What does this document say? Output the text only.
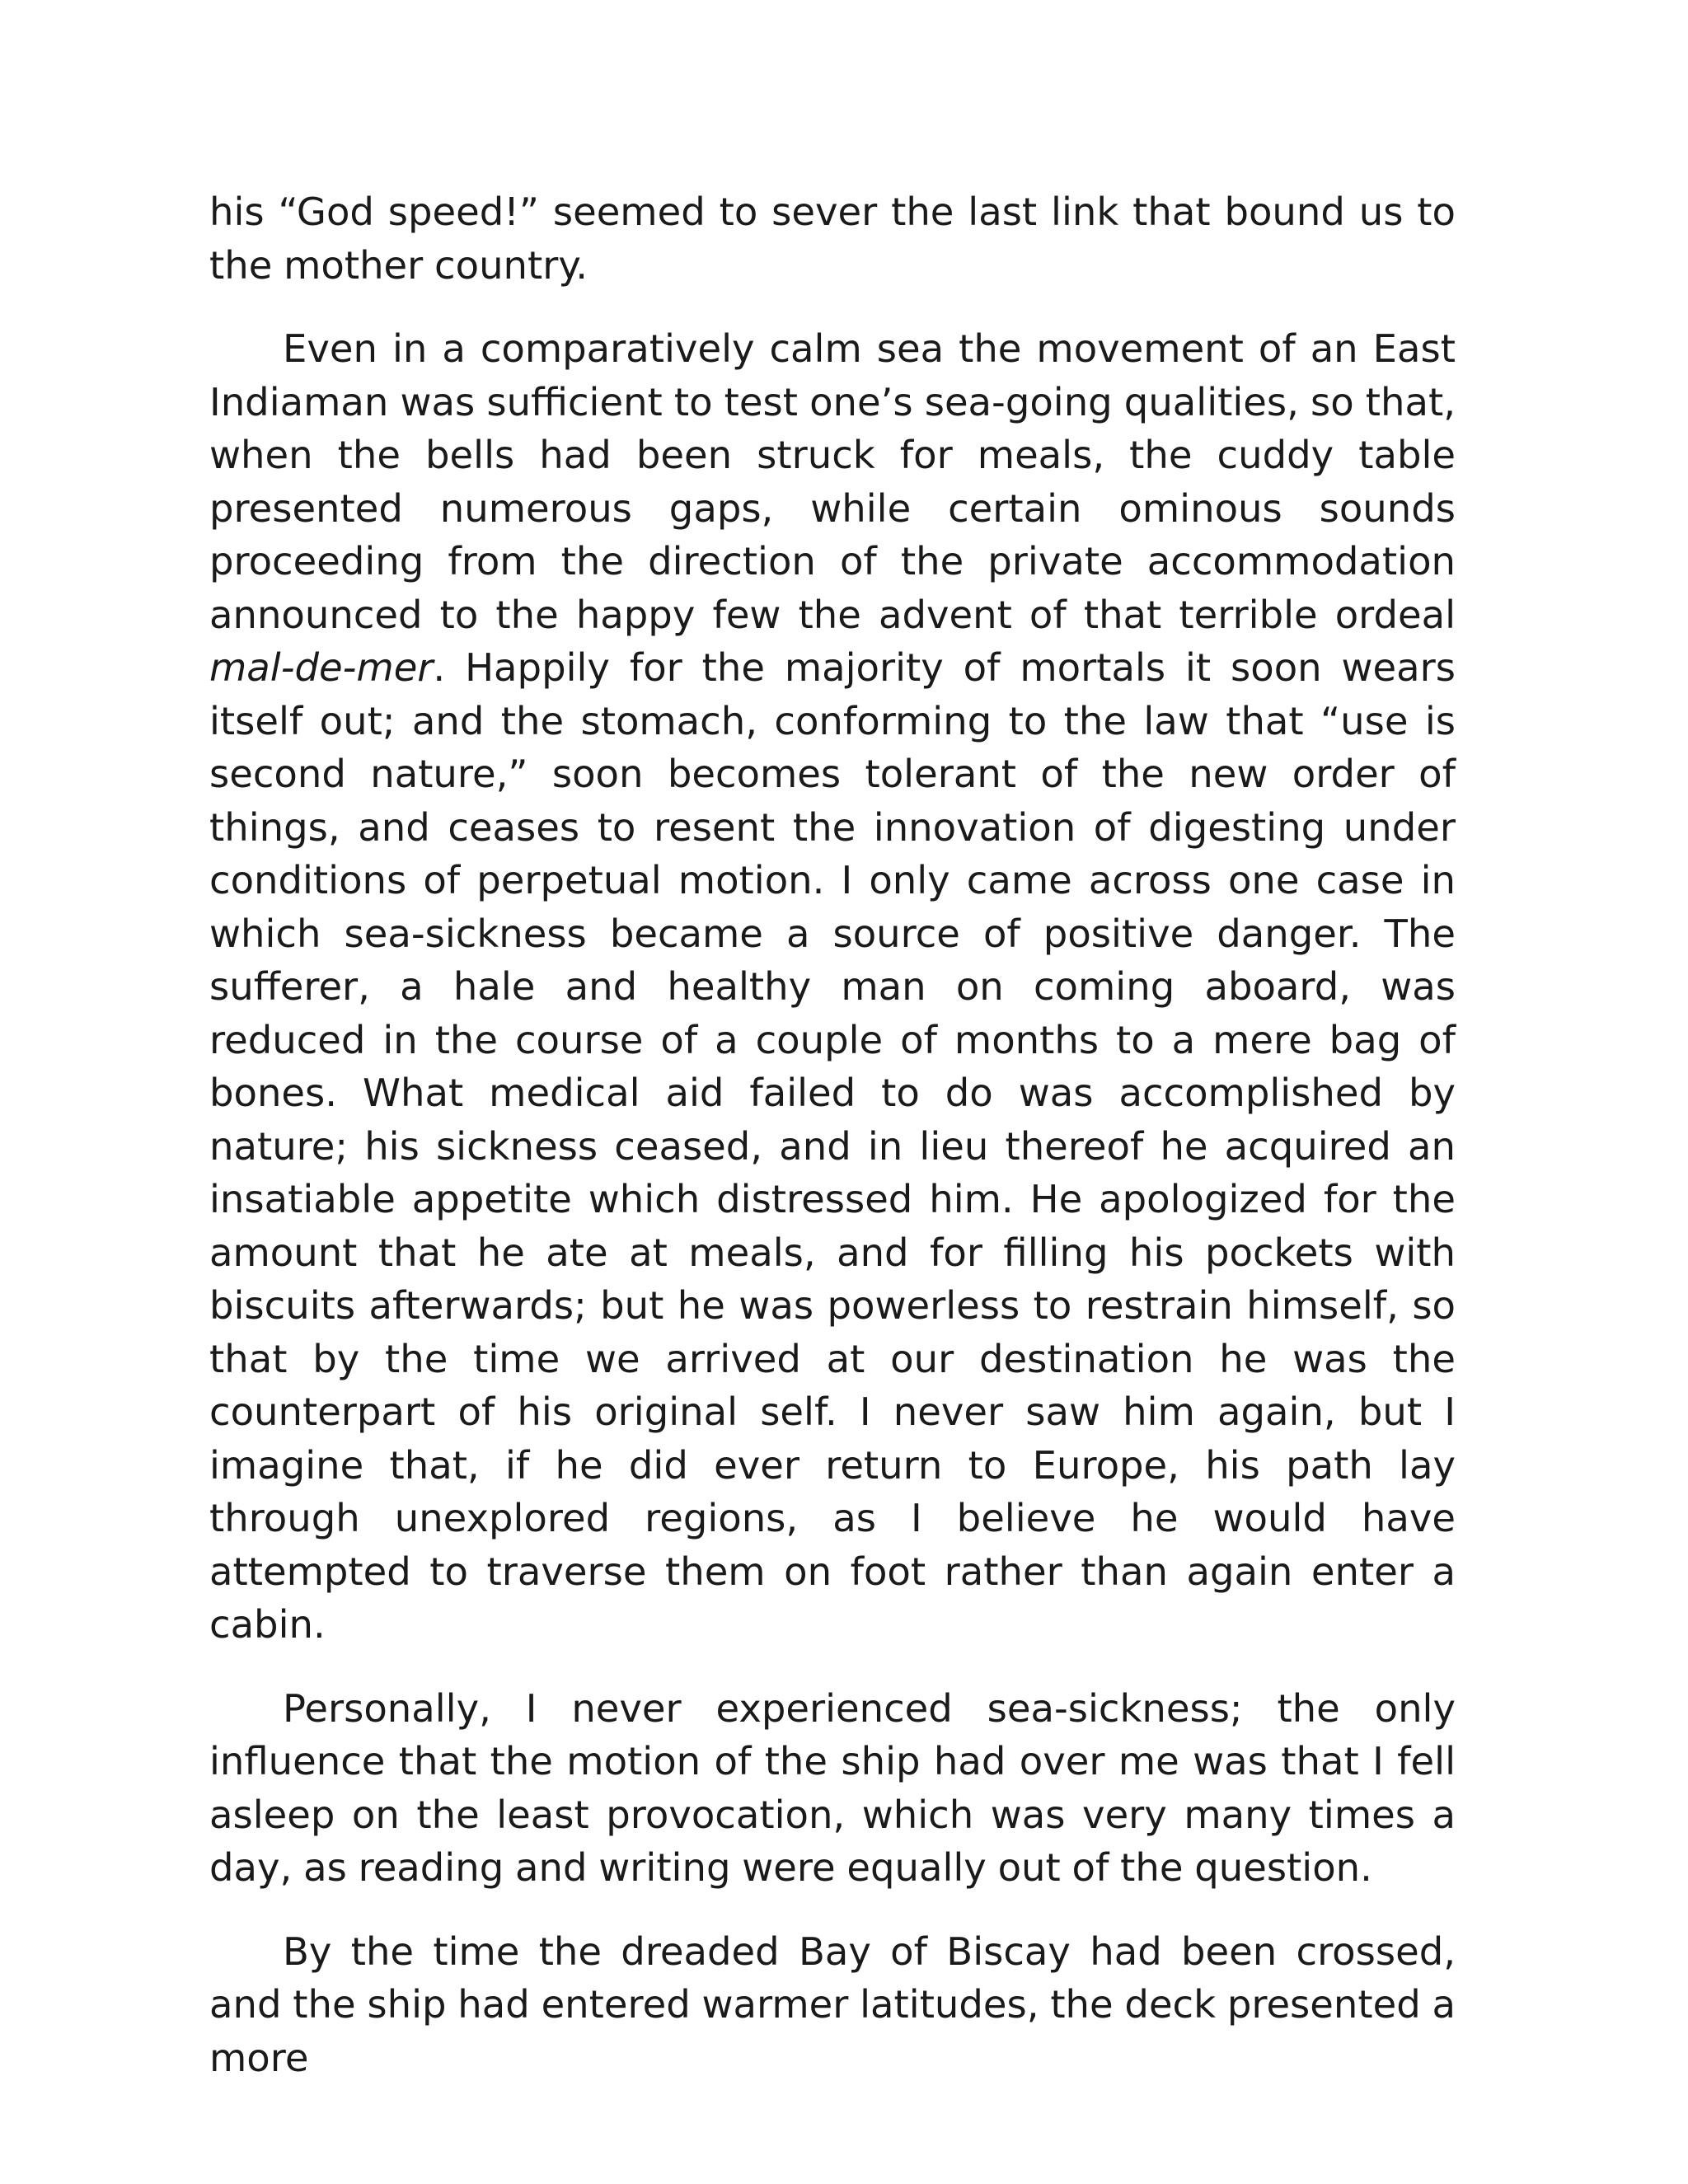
his “God speed!” seemed to sever the last link that bound us to the mother country.

Even in a comparatively calm sea the movement of an East Indiaman was sufficient to test one’s sea-going qualities, so that, when the bells had been struck for meals, the cuddy table presented numerous gaps, while certain ominous sounds proceeding from the direction of the private accommodation announced to the happy few the advent of that terrible ordeal mal-de-mer. Happily for the majority of mortals it soon wears itself out; and the stomach, conforming to the law that “use is second nature,” soon becomes tolerant of the new order of things, and ceases to resent the innovation of digesting under conditions of perpetual motion. I only came across one case in which sea-sickness became a source of positive danger. The sufferer, a hale and healthy man on coming aboard, was reduced in the course of a couple of months to a mere bag of bones. What medical aid failed to do was accomplished by nature; his sickness ceased, and in lieu thereof he acquired an insatiable appetite which distressed him. He apologized for the amount that he ate at meals, and for filling his pockets with biscuits afterwards; but he was powerless to restrain himself, so that by the time we arrived at our destination he was the counterpart of his original self. I never saw him again, but I imagine that, if he did ever return to Europe, his path lay through unexplored regions, as I believe he would have attempted to traverse them on foot rather than again enter a cabin.

Personally, I never experienced sea-sickness; the only influence that the motion of the ship had over me was that I fell asleep on the least provocation, which was very many times a day, as reading and writing were equally out of the question.

By the time the dreaded Bay of Biscay had been crossed, and the ship had entered warmer latitudes, the deck presented a more
